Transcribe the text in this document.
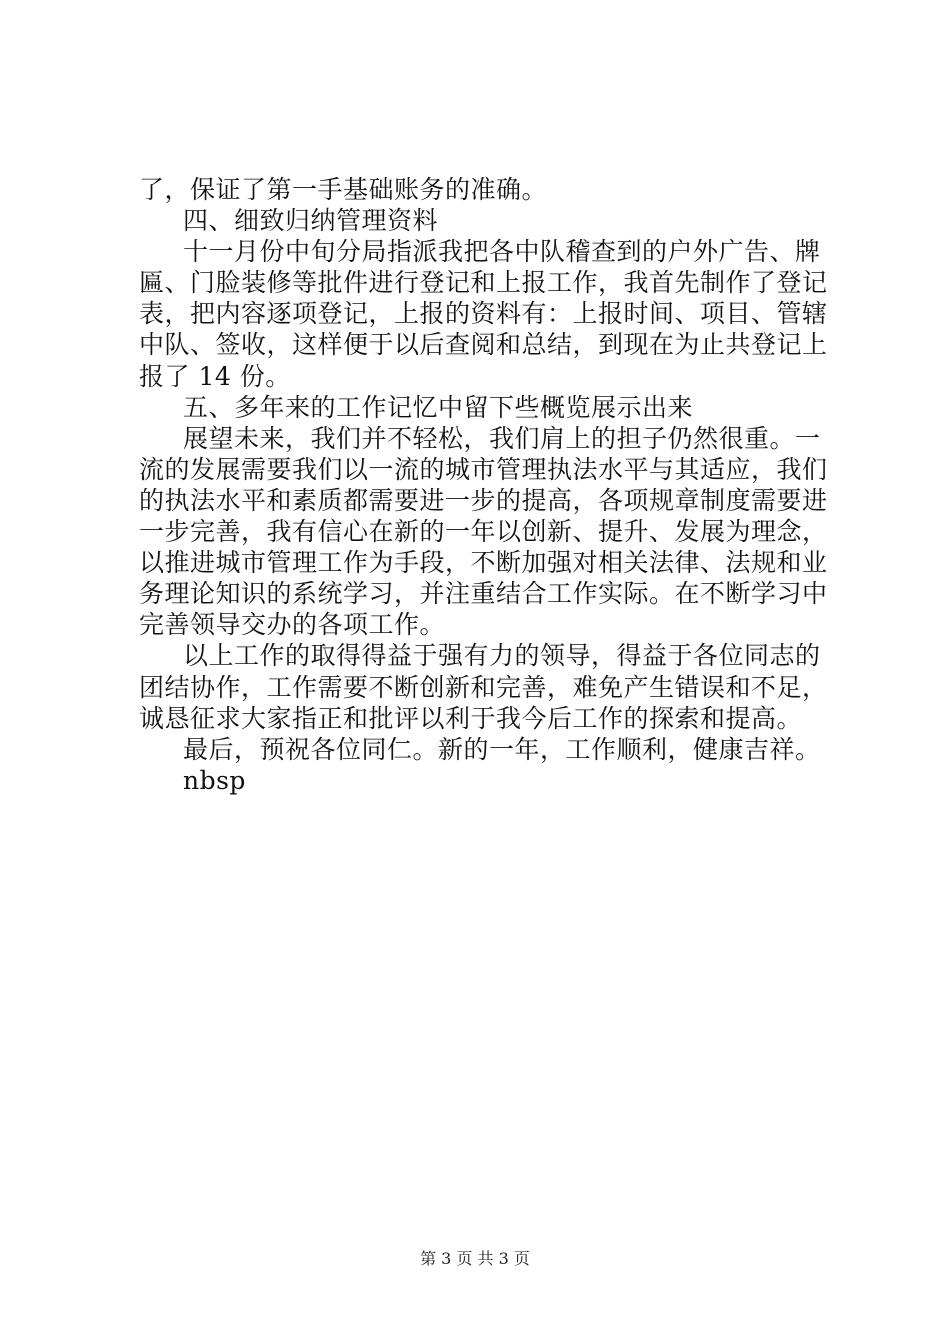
了，保证了第一手基础账务的准确。
四、细致归纳管理资料
十一月份中旬分局指派我把各中队稽查到的户外广告、牌
匾、门脸装修等批件进行登记和上报工作，我首先制作了登记
表，把内容逐项登记，上报的资料有：上报时间、项目、管辖
中队、签收，这样便于以后查阅和总结，到现在为止共登记上
报了 14 份。
五、多年来的工作记忆中留下些概览展示出来
展望未来，我们并不轻松，我们肩上的担子仍然很重。一
流的发展需要我们以一流的城市管理执法水平与其适应，我们
的执法水平和素质都需要进一步的提高，各项规章制度需要进
一步完善，我有信心在新的一年以创新、提升、发展为理念，
以推进城市管理工作为手段，不断加强对相关法律、法规和业
务理论知识的系统学习，并注重结合工作实际。在不断学习中
完善领导交办的各项工作。
以上工作的取得得益于强有力的领导，得益于各位同志的
团结协作，工作需要不断创新和完善，难免产生错误和不足，
诚恳征求大家指正和批评以利于我今后工作的探索和提高。
最后，预祝各位同仁。新的一年，工作顺利，健康吉祥。
nbsp
第 3 页 共 3 页
